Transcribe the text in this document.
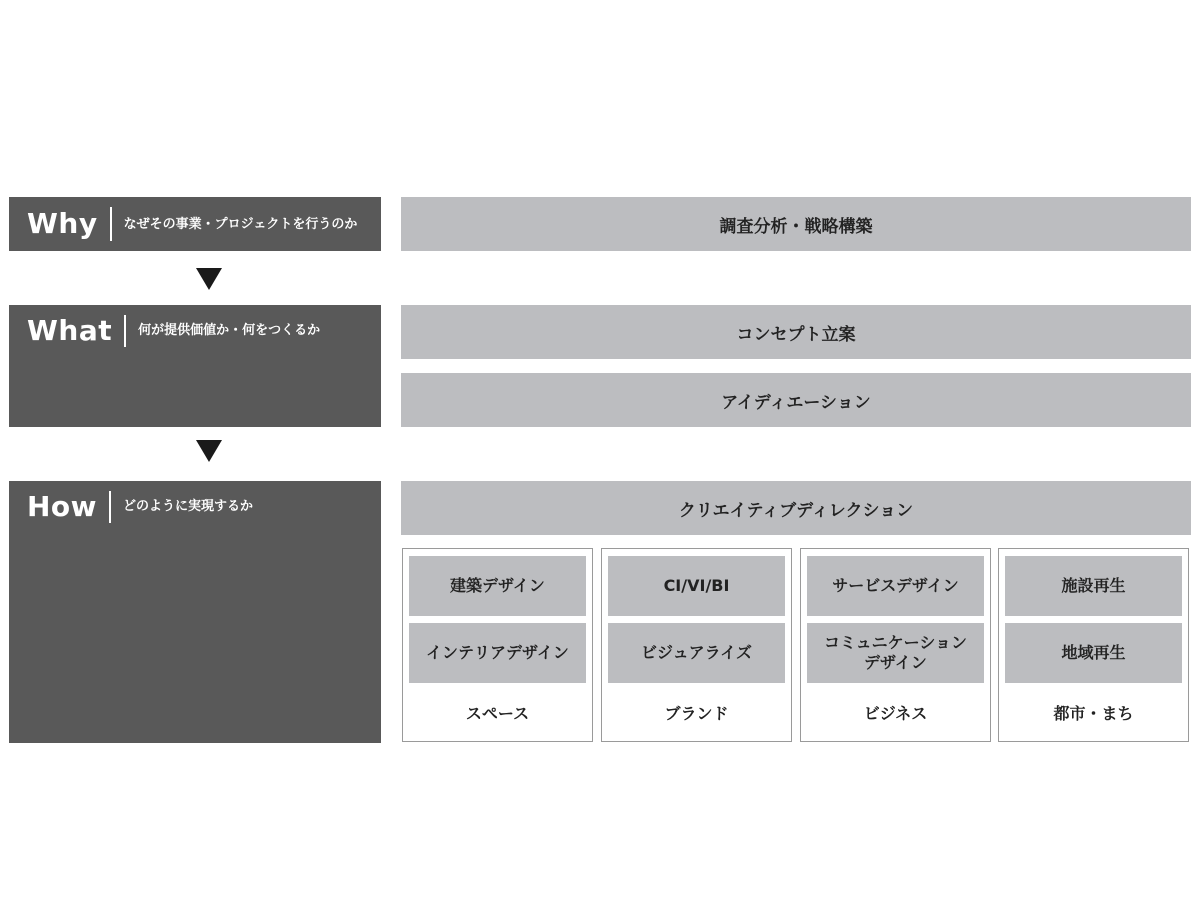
Why なぜその事業・プロジェクトを行うのか
What 何が提供価値か・何をつくるか
How どのように実現するか
調査分析・戦略構築
コンセプト立案
アイディエーション
クリエイティブディレクション
建築デザイン
インテリアデザイン
スペース
CI/VI/BI
ビジュアライズ
ブランド
サービスデザイン
コミュニケーション
デザイン
ビジネス
施設再生
地域再生
都市・まち
